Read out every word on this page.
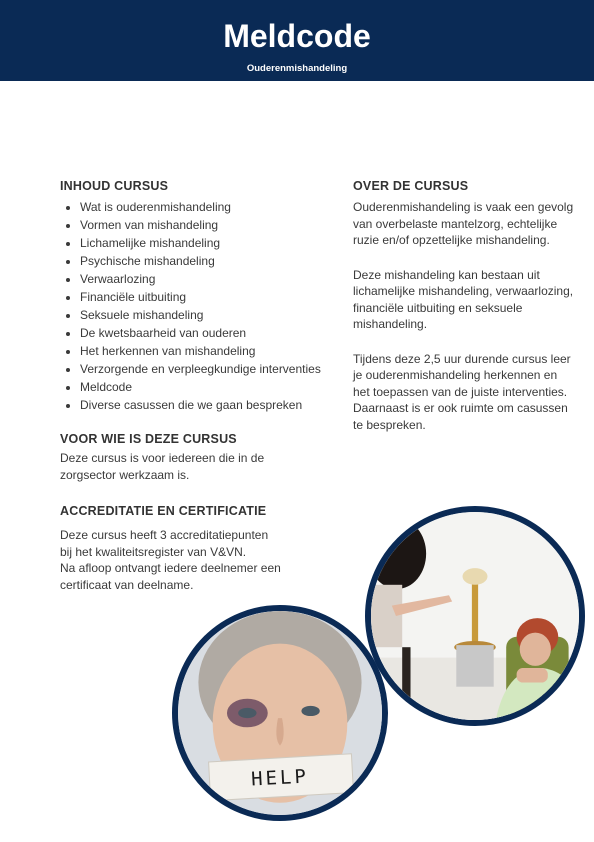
Meldcode
Ouderenmishandeling
INHOUD CURSUS
• Wat is ouderenmishandeling
• Vormen van mishandeling
• Lichamelijke mishandeling
• Psychische mishandeling
• Verwaarlozing
• Financiële uitbuiting
• Seksuele mishandeling
• De kwetsbaarheid van ouderen
• Het herkennen van mishandeling
• Verzorgende en verpleegkundige interventies
• Meldcode
• Diverse casussen die we gaan bespreken
VOOR WIE IS DEZE CURSUS

Deze cursus is voor iedereen die in de
zorgsector werkzaam is.

ACCREDITATIE EN CERTIFICATIE

Deze cursus heeft 3 accreditatiepunten
bij het kwaliteitsregister van V&VN.
Na afloop ontvangt iedere deelnemer een
certificaat van deelname.

OVER DE CURSUS

Ouderenmishandeling is vaak een gevolg
van overbelaste mantelzorg, echtelijke
ruzie en/of opzettelijke mishandeling.

Deze mishandeling kan bestaan uit
lichamelijke mishandeling, verwaarlozing,
financiële uitbuiting en seksuele
mishandeling.

Tijdens deze 2,5 uur durende cursus leer
je ouderenmishandeling herkennen en
het toepassen van de juiste interventies.
Daarnaast is er ook ruimte om casussen
te bespreken.

HELP
